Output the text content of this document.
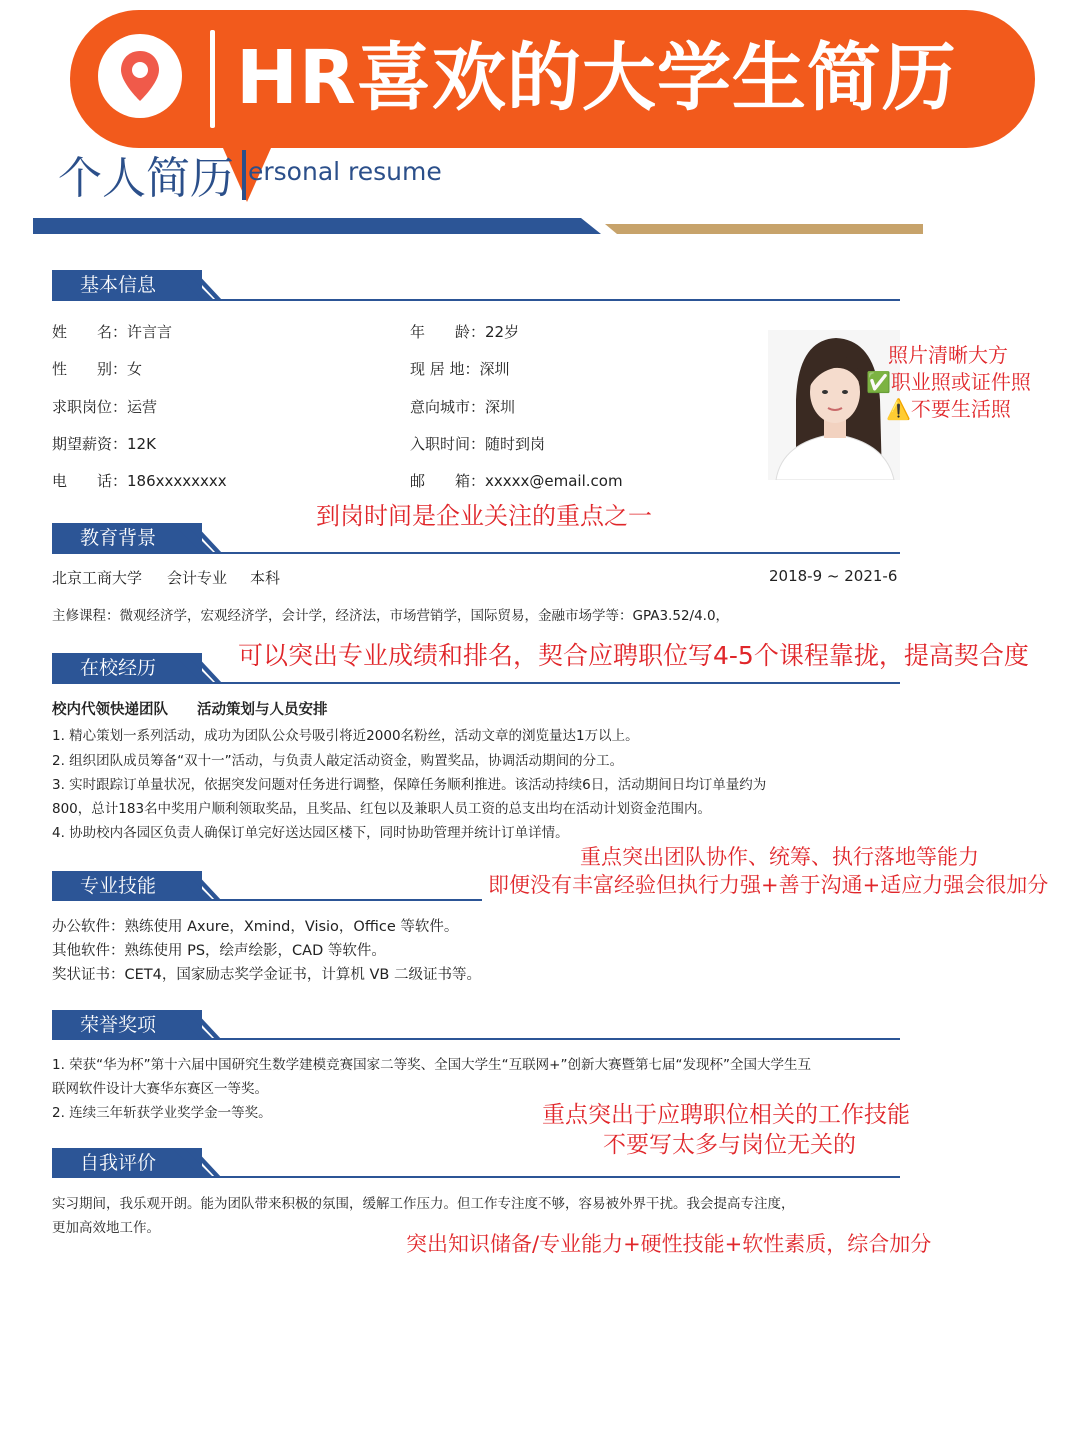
HR喜欢的大学生简历
个人简历 ersonal resume
基本信息
姓　　名：许言言
性　　别：女
求职岗位：运营
期望薪资：12K
电　　话：186xxxxxxxx
年　　龄：22岁
现 居 地：深圳
意向城市：深圳
入职时间：随时到岗
邮　　箱：xxxxx@email.com
照片清晰大方
✅职业照或证件照
⚠️不要生活照
到岗时间是企业关注的重点之一
教育背景
北京工商大学 会计专业 本科	2018-9 ~ 2021-6
主修课程：微观经济学，宏观经济学，会计学，经济法，市场营销学，国际贸易，金融市场学等：GPA3.52/4.0，
可以突出专业成绩和排名，契合应聘职位写4-5个课程靠拢，提高契合度
在校经历
校内代领快递团队 活动策划与人员安排
1. 精心策划一系列活动，成功为团队公众号吸引将近2000名粉丝，活动文章的浏览量达1万以上。
2. 组织团队成员筹备“双十一”活动，与负责人敲定活动资金，购置奖品，协调活动期间的分工。
3. 实时跟踪订单量状况，依据突发问题对任务进行调整，保障任务顺利推进。该活动持续6日，活动期间日均订单量约为
800，总计183名中奖用户顺利领取奖品，且奖品、红包以及兼职人员工资的总支出均在活动计划资金范围内。
4. 协助校内各园区负责人确保订单完好送达园区楼下，同时协助管理并统计订单详情。
重点突出团队协作、统筹、执行落地等能力
即便没有丰富经验但执行力强+善于沟通+适应力强会很加分
专业技能
办公软件：熟练使用 Axure，Xmind，Visio，Office 等软件。
其他软件：熟练使用 PS，绘声绘影，CAD 等软件。
奖状证书：CET4，国家励志奖学金证书，计算机 VB 二级证书等。
荣誉奖项
1. 荣获“华为杯”第十六届中国研究生数学建模竞赛国家二等奖、全国大学生“互联网+”创新大赛暨第七届“发现杯”全国大学生互
联网软件设计大赛华东赛区一等奖。
2. 连续三年斩获学业奖学金一等奖。	重点突出于应聘职位相关的工作技能
不要写太多与岗位无关的
自我评价
实习期间，我乐观开朗。能为团队带来积极的氛围，缓解工作压力。但工作专注度不够，容易被外界干扰。我会提高专注度，
更加高效地工作。
突出知识储备/专业能力+硬性技能+软性素质，综合加分
